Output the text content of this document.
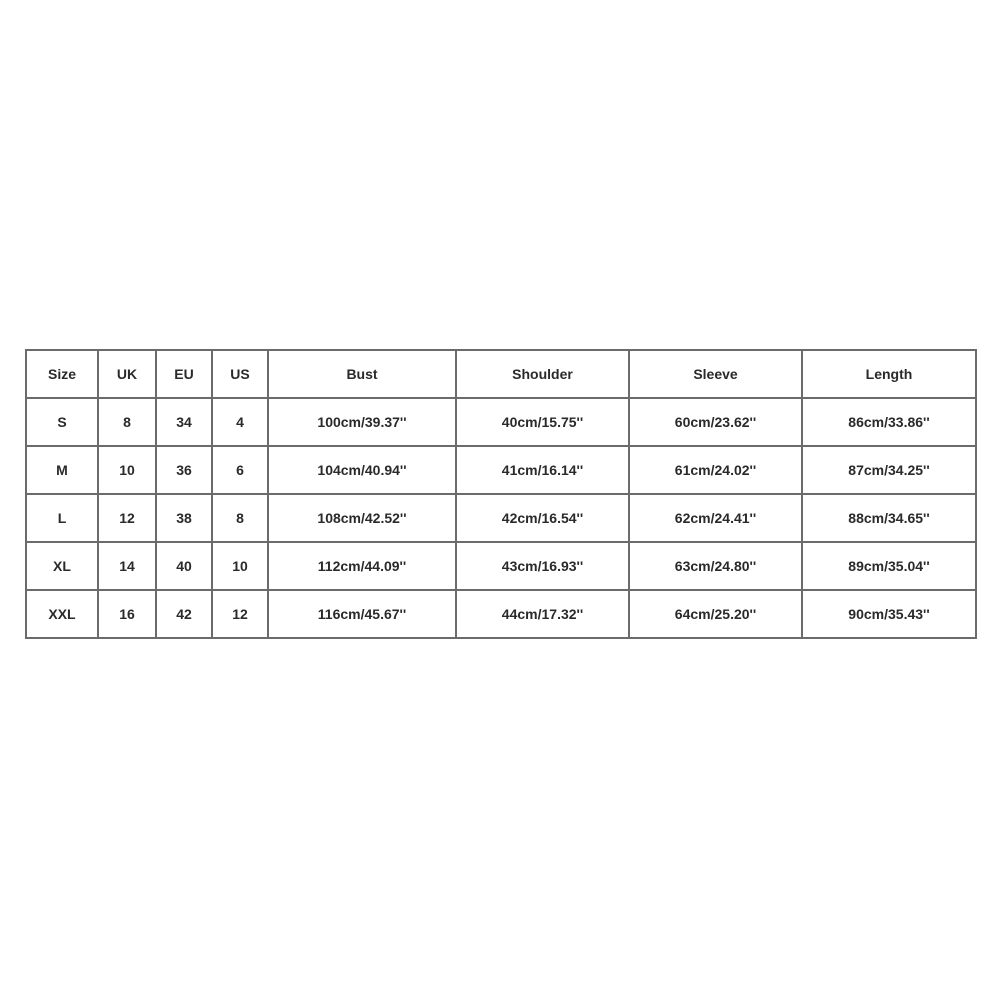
Size	UK	EU	US	Bust	Shoulder	Sleeve	Length
S	8	34	4	100cm/39.37''	40cm/15.75''	60cm/23.62''	86cm/33.86''
M	10	36	6	104cm/40.94''	41cm/16.14''	61cm/24.02''	87cm/34.25''
L	12	38	8	108cm/42.52''	42cm/16.54''	62cm/24.41''	88cm/34.65''
XL	14	40	10	112cm/44.09''	43cm/16.93''	63cm/24.80''	89cm/35.04''
XXL	16	42	12	116cm/45.67''	44cm/17.32''	64cm/25.20''	90cm/35.43''
